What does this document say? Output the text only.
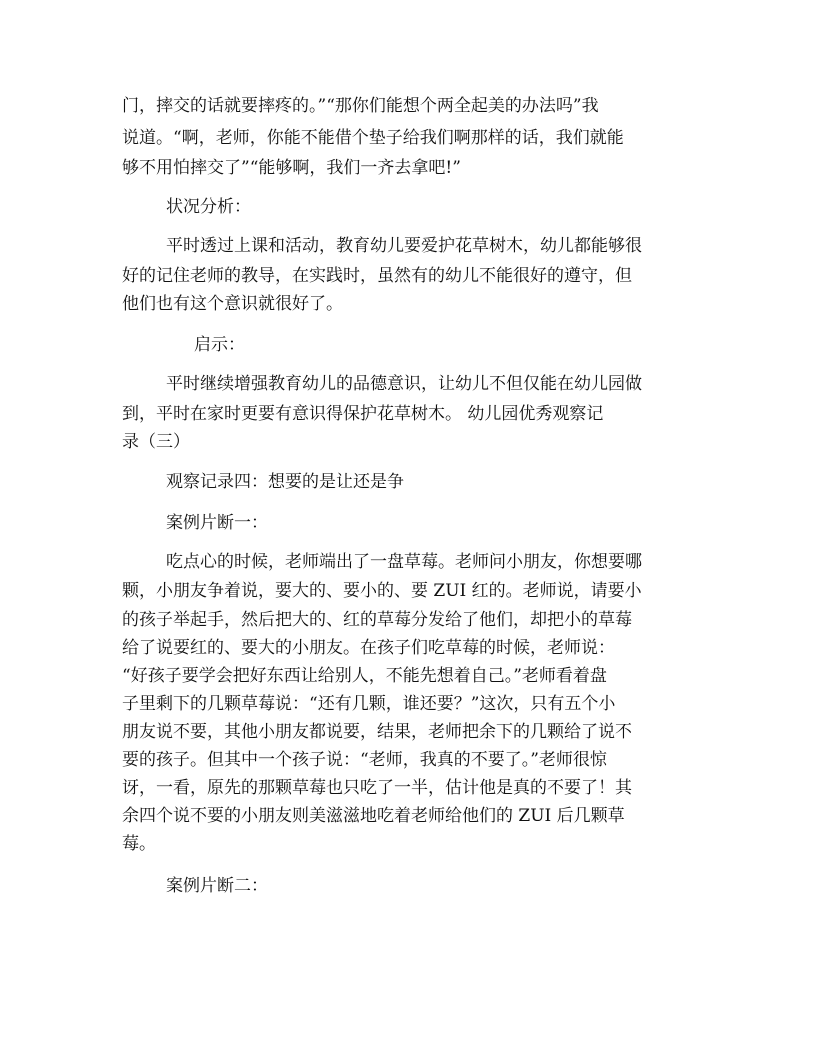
门，摔交的话就要摔疼的。”“那你们能想个两全起美的办法吗”我
说道。“啊，老师，你能不能借个垫子给我们啊那样的话，我们就能
够不用怕摔交了”“能够啊，我们一齐去拿吧!”
状况分析：
平时透过上课和活动，教育幼儿要爱护花草树木，幼儿都能够很
好的记住老师的教导，在实践时，虽然有的幼儿不能很好的遵守，但
他们也有这个意识就很好了。
启示：
平时继续增强教育幼儿的品德意识，让幼儿不但仅能在幼儿园做
到，平时在家时更要有意识得保护花草树木。 幼儿园优秀观察记
录（三）
观察记录四：想要的是让还是争
案例片断一：
吃点心的时候，老师端出了一盘草莓。老师问小朋友，你想要哪
颗，小朋友争着说，要大的、要小的、要 ZUI 红的。老师说，请要小
的孩子举起手，然后把大的、红的草莓分发给了他们，却把小的草莓
给了说要红的、要大的小朋友。在孩子们吃草莓的时候，老师说：
“好孩子要学会把好东西让给别人，不能先想着自己。”老师看着盘
子里剩下的几颗草莓说：“还有几颗，谁还要？”这次，只有五个小
朋友说不要，其他小朋友都说要，结果，老师把余下的几颗给了说不
要的孩子。但其中一个孩子说：“老师，我真的不要了。”老师很惊
讶，一看，原先的那颗草莓也只吃了一半，估计他是真的不要了！其
余四个说不要的小朋友则美滋滋地吃着老师给他们的 ZUI 后几颗草
莓。
案例片断二：
